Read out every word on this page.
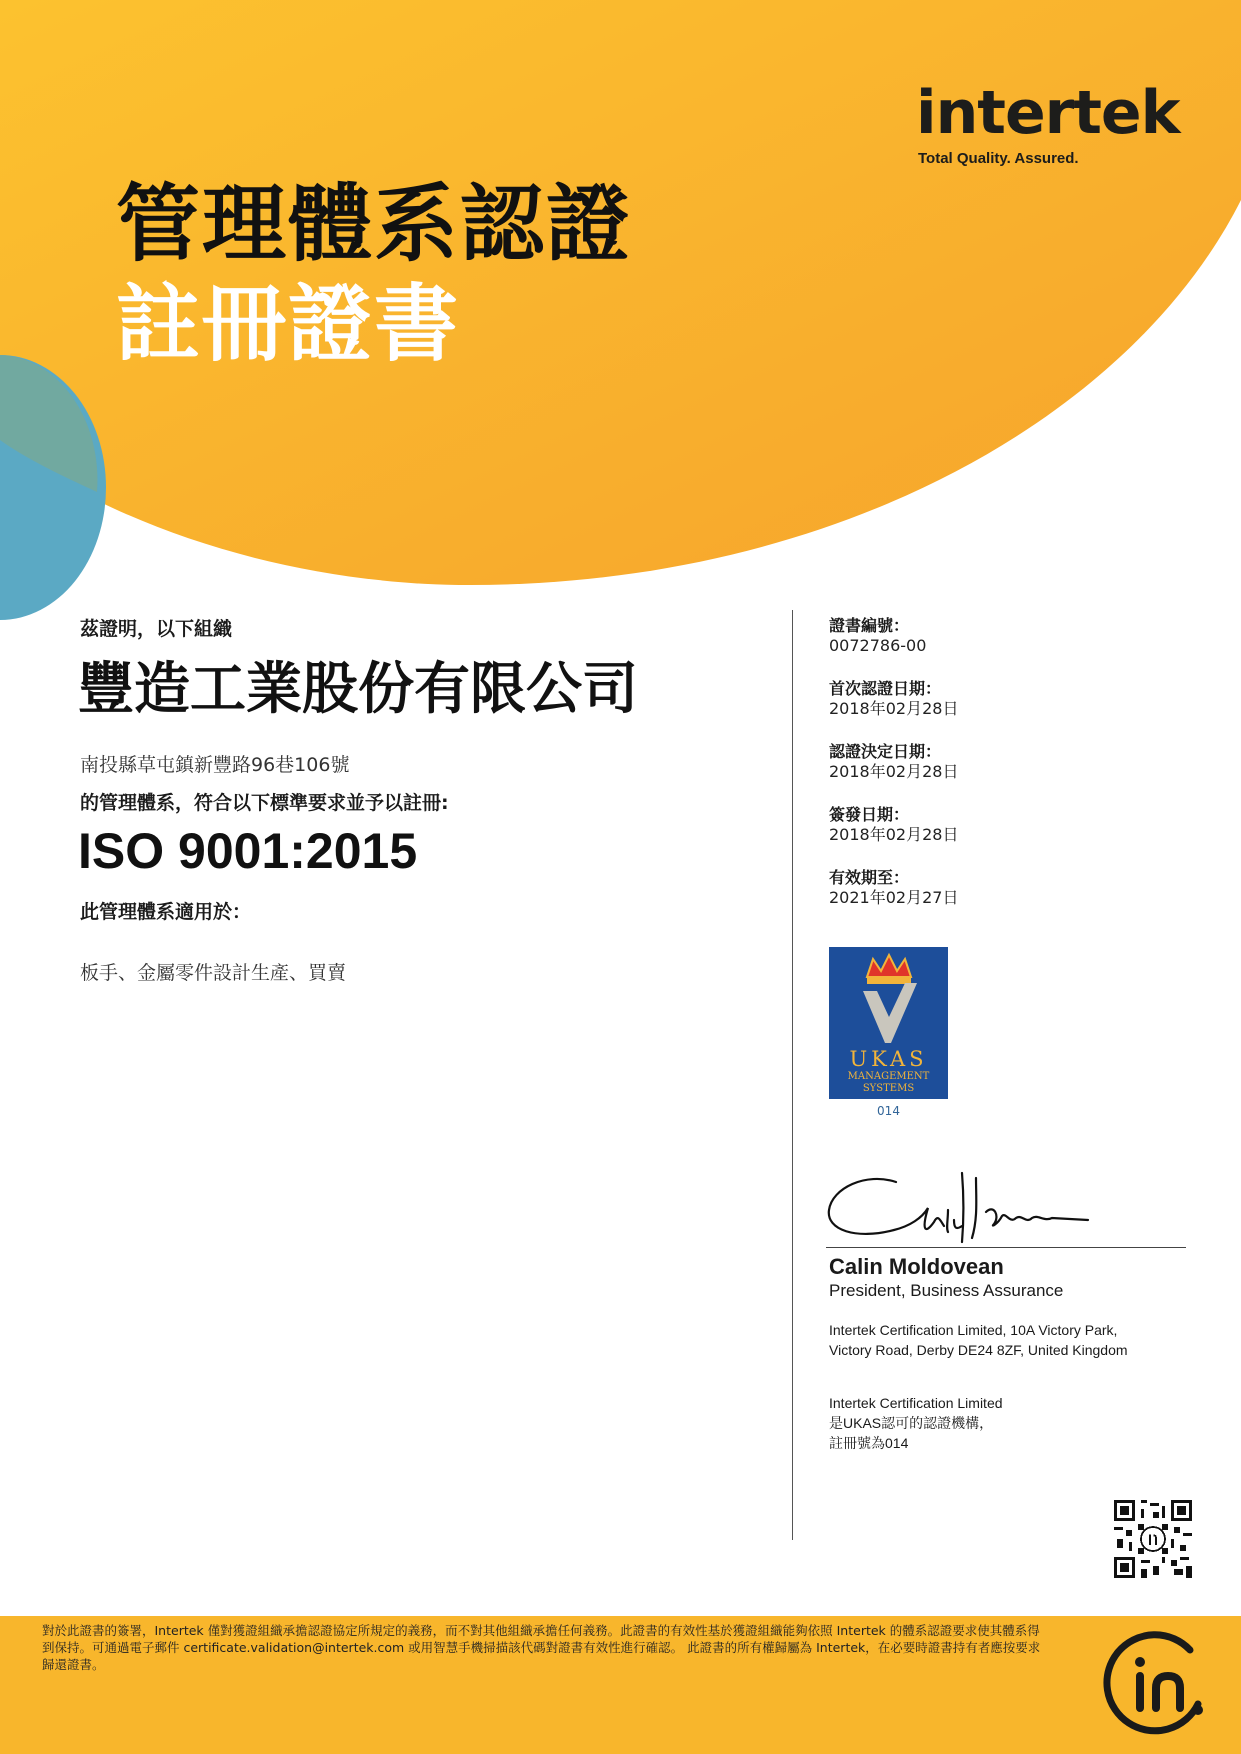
intertek
Total Quality. Assured.
管理體系認證
註冊證書
茲證明，以下組織
豐造工業股份有限公司
南投縣草屯鎮新豐路96巷106號
的管理體系，符合以下標準要求並予以註冊:
ISO 9001:2015
此管理體系適用於：
板手、金屬零件設計生產、買賣
證書編號：
0072786-00
首次認證日期：
2018年02月28日
認證決定日期：
2018年02月28日
簽發日期：
2018年02月28日
有效期至：
2021年02月27日
UKAS
MANAGEMENT
SYSTEMS
014
Calin Moldovean
President, Business Assurance
Intertek Certification Limited, 10A Victory Park, Victory Road, Derby DE24 8ZF, United Kingdom
Intertek Certification Limited
是UKAS認可的認證機構，
註冊號為014
對於此證書的簽署，Intertek 僅對獲證組織承擔認證協定所規定的義務，而不對其他組織承擔任何義務。此證書的有效性基於獲證組織能夠依照 Intertek 的體系認證要求使其體系得到保持。可通過電子郵件 certificate.validation@intertek.com 或用智慧手機掃描該代碼對證書有效性進行確認。 此證書的所有權歸屬為 Intertek，在必要時證書持有者應按要求歸還證書。
